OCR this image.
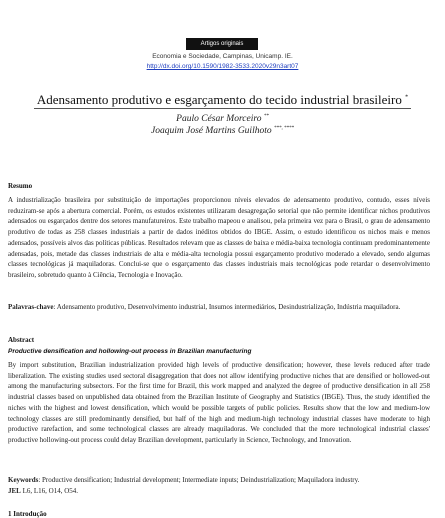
Artigos originais
Economia e Sociedade, Campinas, Unicamp. IE.
http://dx.doi.org/10.1590/1982-3533.2020v29n3art07
Adensamento produtivo e esgarçamento do tecido industrial brasileiro *
Paulo César Morceiro **
Joaquim José Martins Guilhoto ***, ****
Resumo
A industrialização brasileira por substituição de importações proporcionou níveis elevados de adensamento produtivo, contudo, esses níveis reduziram-se após a abertura comercial. Porém, os estudos existentes utilizaram desagregação setorial que não permite identificar nichos produtivos adensados ou esgarçados dentre dos setores manufatureiros. Este trabalho mapeou e analisou, pela primeira vez para o Brasil, o grau de adensamento produtivo de todas as 258 classes industriais a partir de dados inéditos obtidos do IBGE. Assim, o estudo identificou os nichos mais e menos adensados, possíveis alvos das políticas públicas. Resultados relevam que as classes de baixa e média-baixa tecnologia continuam predominantemente adensadas, pois, metade das classes industriais de alta e média-alta tecnologia possui esgarçamento produtivo moderado a elevado, sendo algumas classes tecnológicas já maquiladoras. Conclui-se que o esgarçamento das classes industriais mais tecnológicas pode retardar o desenvolvimento brasileiro, sobretudo quanto à Ciência, Tecnologia e Inovação.
Palavras-chave: Adensamento produtivo, Desenvolvimento industrial, Insumos intermediários, Desindustrialização, Indústria maquiladora.
Abstract
Productive densification and hollowing-out process in Brazilian manufacturing
By import substitution, Brazilian industrialization provided high levels of productive densification; however, these levels reduced after trade liberalization. The existing studies used sectoral disaggregation that does not allow identifying productive niches that are densified or hollowed-out among the manufacturing subsectors. For the first time for Brazil, this work mapped and analyzed the degree of productive densification in all 258 industrial classes based on unpublished data obtained from the Brazilian Institute of Geography and Statistics (IBGE). Thus, the study identified the niches with the highest and lowest densification, which would be possible targets of public policies. Results show that the low and medium-low technology classes are still predominantly densified, but half of the high and medium-high technology industrial classes have moderate to high productive rarefaction, and some technological classes are already maquiladoras. We concluded that the more technological industrial classes' productive hollowing-out process could delay Brazilian development, particularly in Science, Technology, and Innovation.
Keywords: Productive densification; Industrial development; Intermediate inputs; Deindustrialization; Maquiladora industry.
JEL L6, L16, O14, O54.
1 Introdução
